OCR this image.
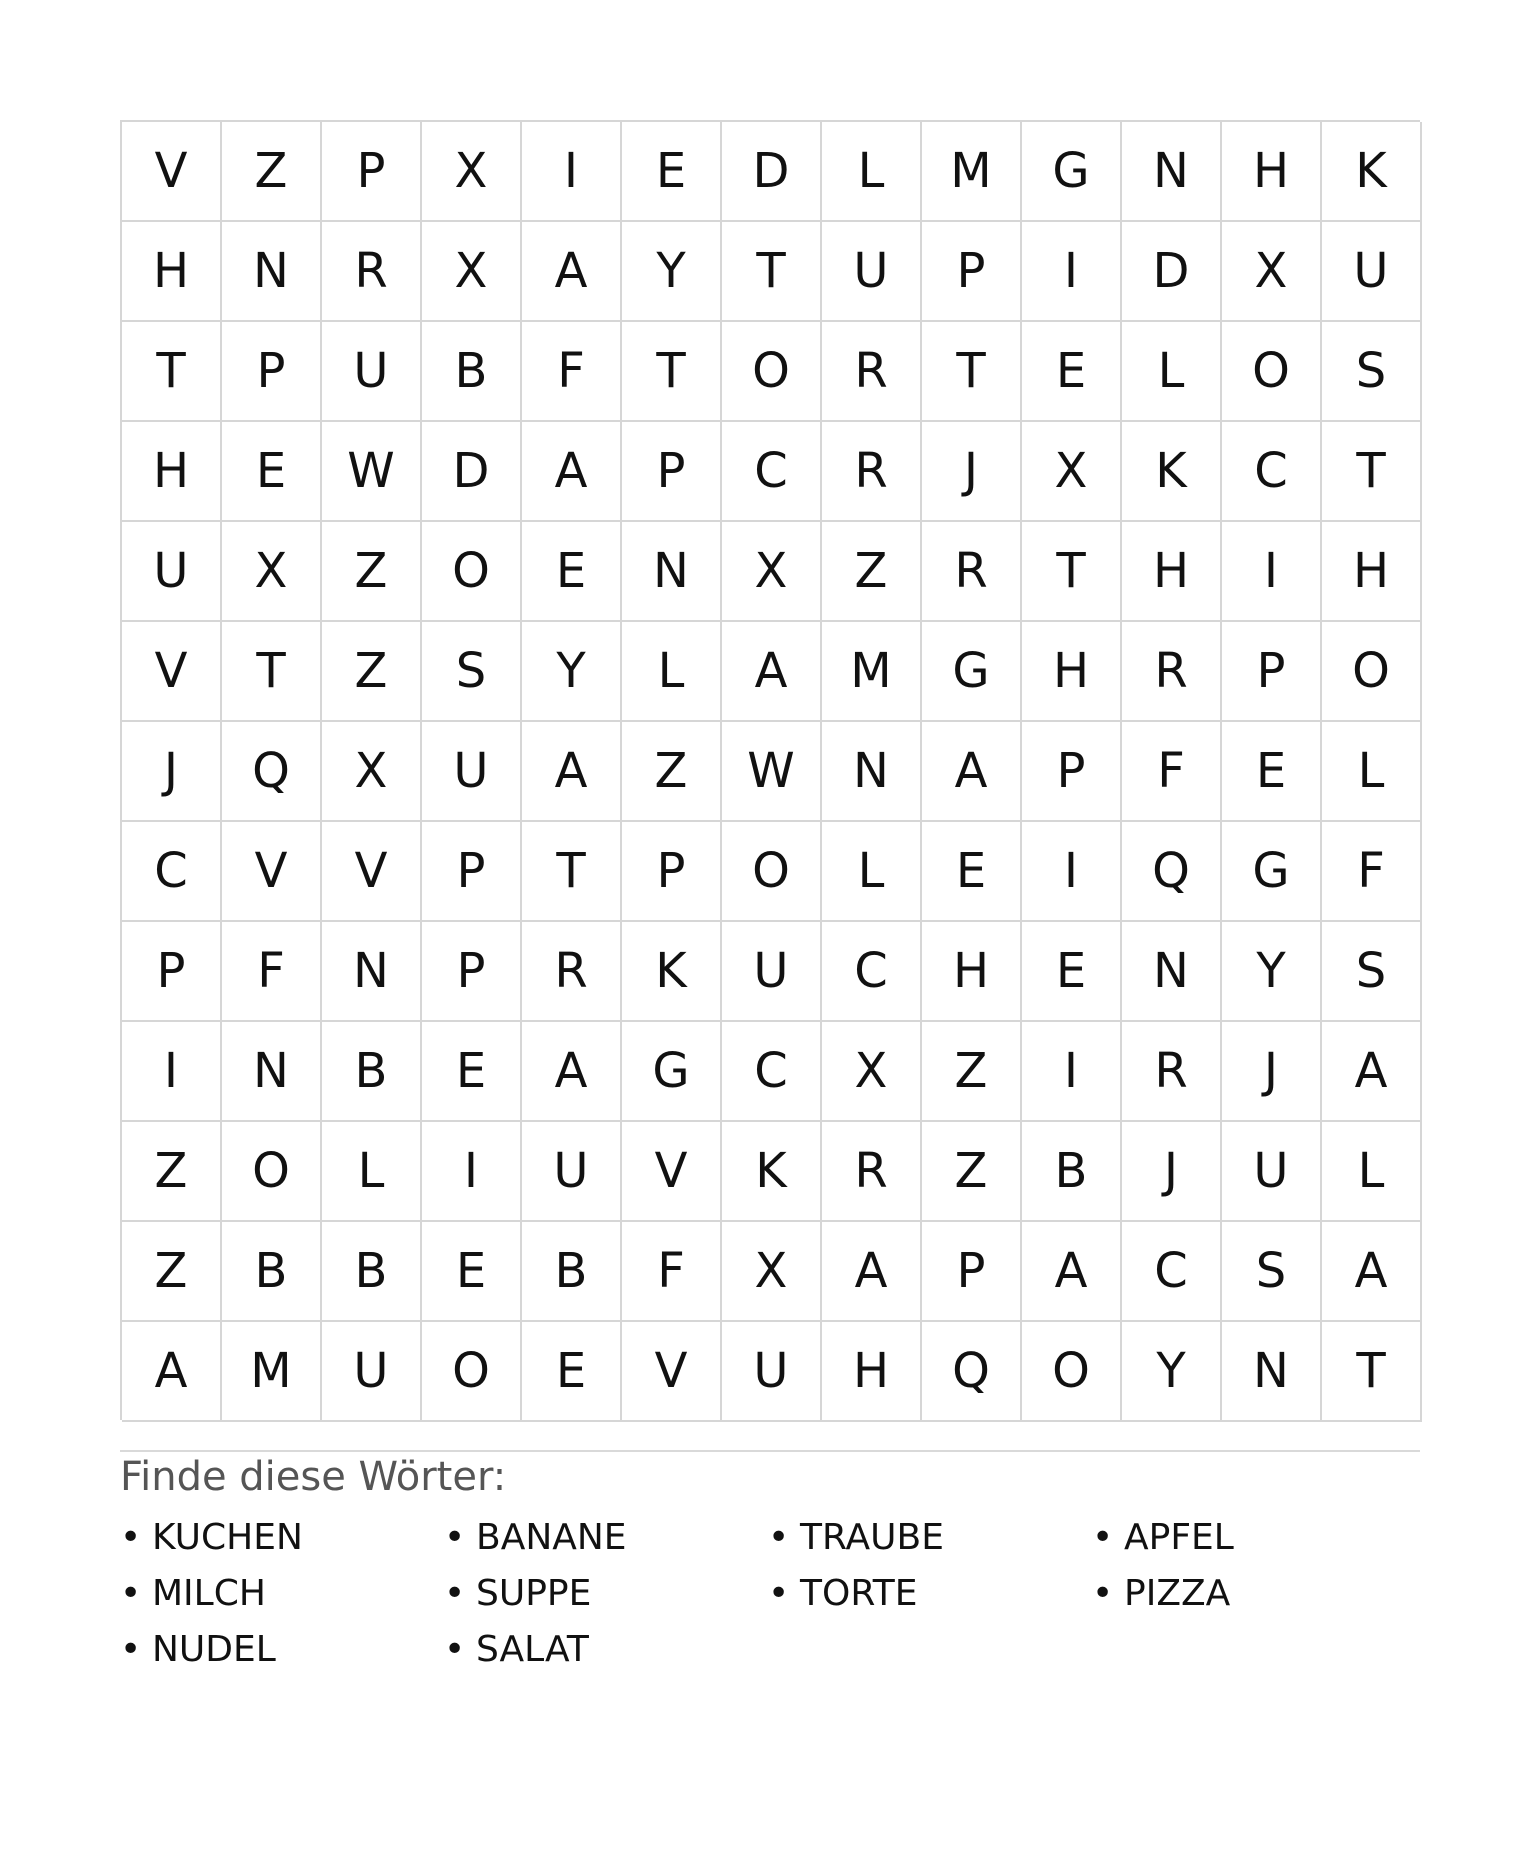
V	Z	P	X	I	E	D	L	M	G	N	H	K
H	N	R	X	A	Y	T	U	P	I	D	X	U
T	P	U	B	F	T	O	R	T	E	L	O	S
H	E	W	D	A	P	C	R	J	X	K	C	T
U	X	Z	O	E	N	X	Z	R	T	H	I	H
V	T	Z	S	Y	L	A	M	G	H	R	P	O
J	Q	X	U	A	Z	W	N	A	P	F	E	L
C	V	V	P	T	P	O	L	E	I	Q	G	F
P	F	N	P	R	K	U	C	H	E	N	Y	S
I	N	B	E	A	G	C	X	Z	I	R	J	A
Z	O	L	I	U	V	K	R	Z	B	J	U	L
Z	B	B	E	B	F	X	A	P	A	C	S	A
A	M	U	O	E	V	U	H	Q	O	Y	N	T
Finde diese Wörter:
• KUCHEN	• BANANE	• TRAUBE	• APFEL
• MILCH	• SUPPE	• TORTE	• PIZZA
• NUDEL	• SALAT
